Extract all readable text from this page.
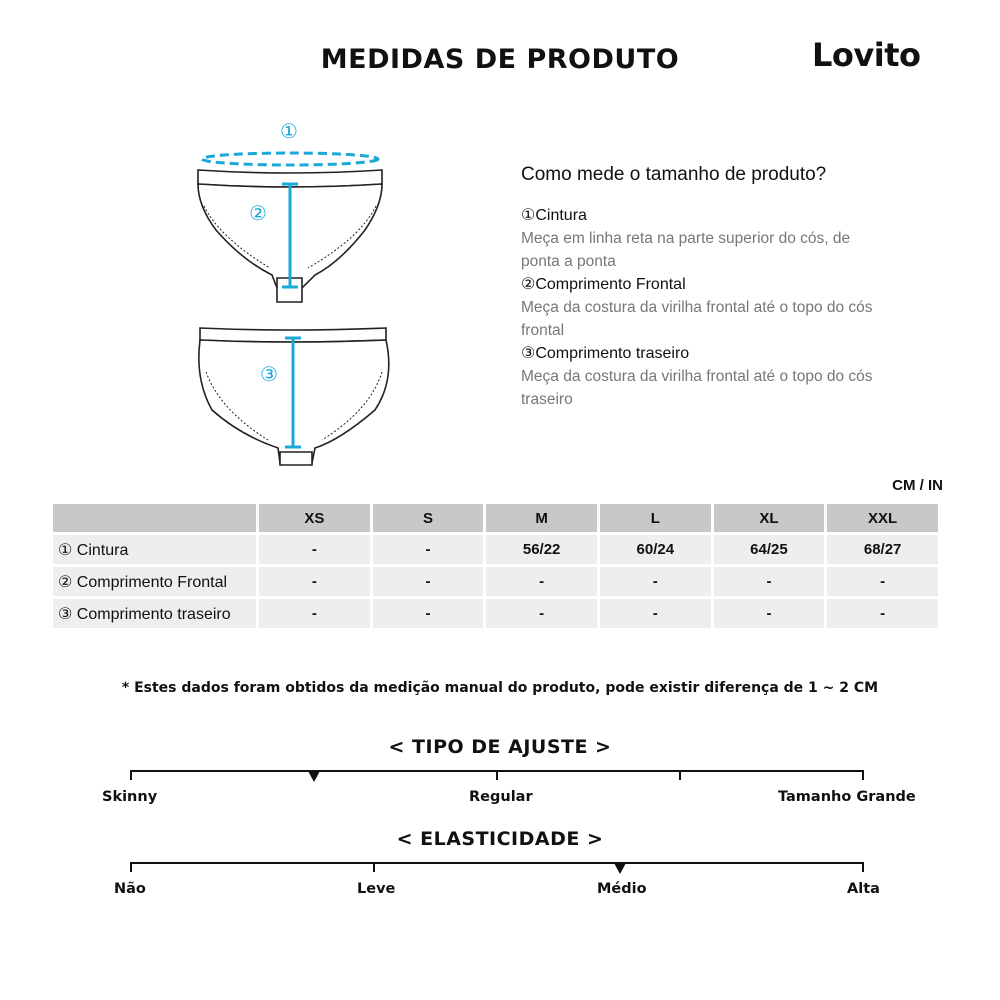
MEDIDAS DE PRODUTO	Lovito
①
②
③
Como mede o tamanho de produto?
①Cintura
Meça em linha reta na parte superior do cós, de ponta a ponta
②Comprimento Frontal
Meça da costura da virilha frontal até o topo do cós frontal
③Comprimento traseiro
Meça da costura da virilha frontal até o topo do cós traseiro
CM / IN
	XS	S	M	L	XL	XXL
① Cintura	-	-	56/22	60/24	64/25	68/27
② Comprimento Frontal	-	-	-	-	-	-
③ Comprimento traseiro	-	-	-	-	-	-
* Estes dados foram obtidos da medição manual do produto, pode existir diferença de 1 ~ 2 CM
< TIPO DE AJUSTE >
Skinny	Regular	Tamanho Grande
< ELASTICIDADE >
Não	Leve	Médio	Alta
